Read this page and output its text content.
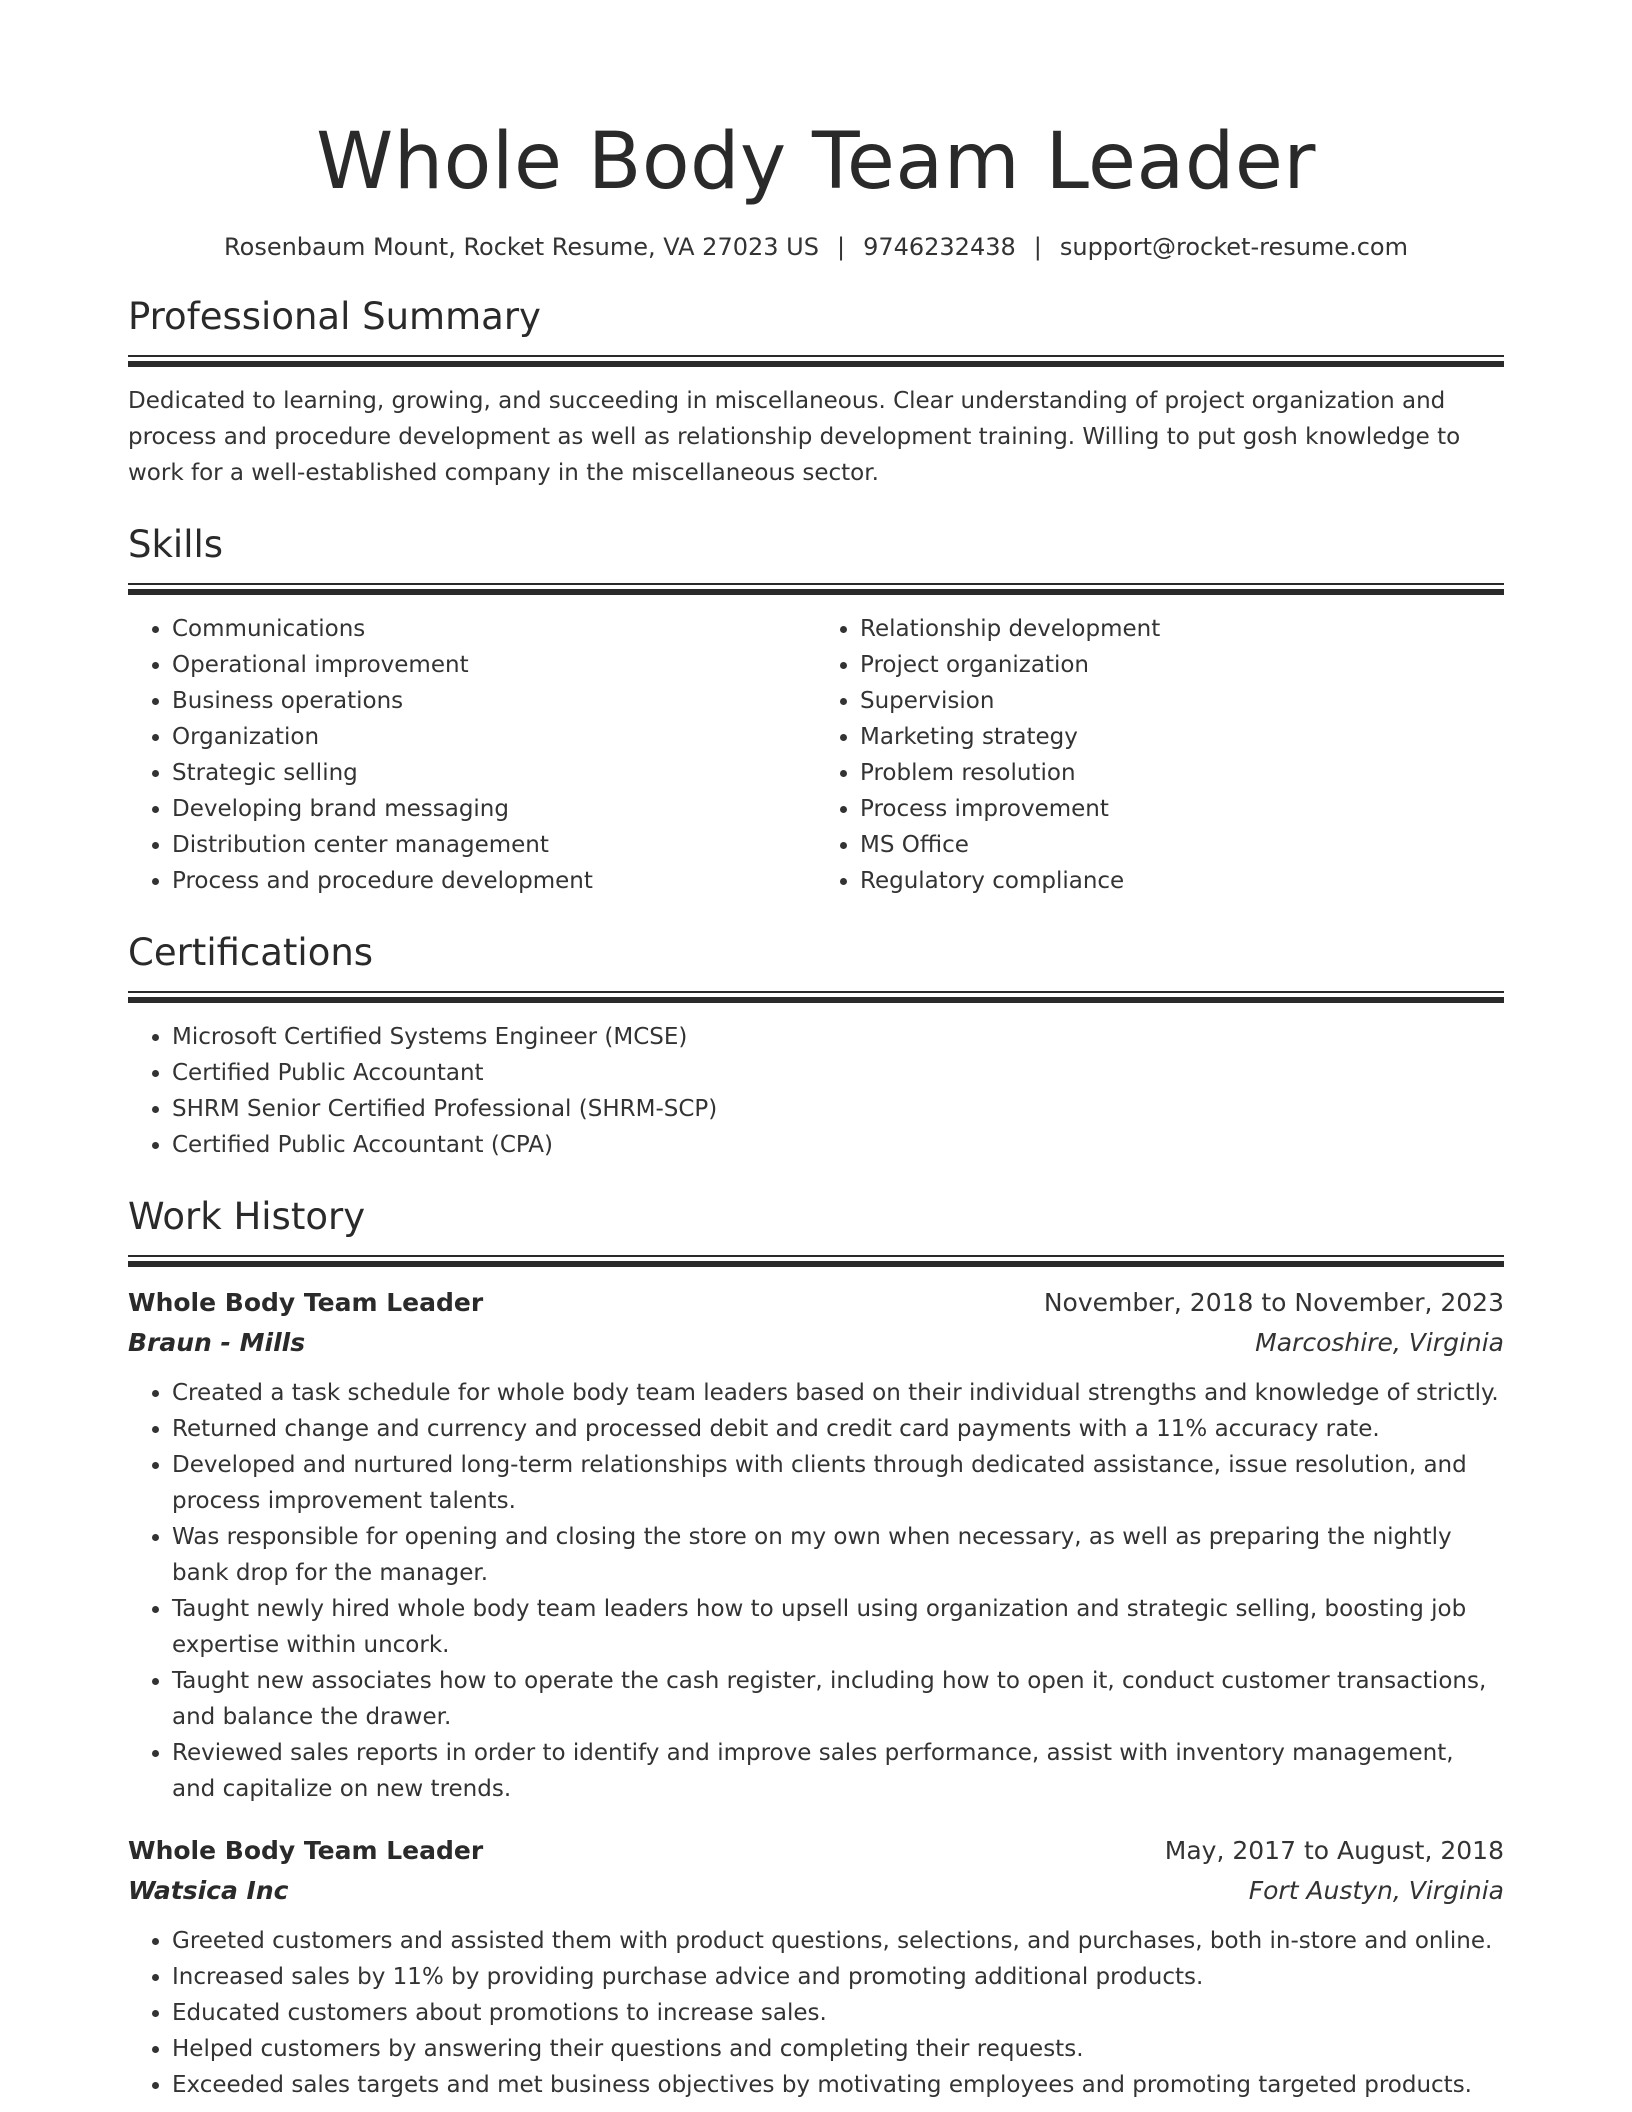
Whole Body Team Leader
Rosenbaum Mount, Rocket Resume, VA 27023 US | 9746232438 | support@rocket-resume.com
Professional Summary

Dedicated to learning, growing, and succeeding in miscellaneous. Clear understanding of project organization and process and procedure development as well as relationship development training. Willing to put gosh knowledge to work for a well-established company in the miscellaneous sector.

Skills
• Communications
• Operational improvement
• Business operations
• Organization
• Strategic selling
• Developing brand messaging
• Distribution center management
• Process and procedure development
• Relationship development
• Project organization
• Supervision
• Marketing strategy
• Problem resolution
• Process improvement
• MS Office
• Regulatory compliance
Certifications
• Microsoft Certified Systems Engineer (MCSE)
• Certified Public Accountant
• SHRM Senior Certified Professional (SHRM-SCP)
• Certified Public Accountant (CPA)
Work History
Whole Body Team Leader	November, 2018 to November, 2023
Braun - Mills	Marcoshire, Virginia
• Created a task schedule for whole body team leaders based on their individual strengths and knowledge of strictly.
• Returned change and currency and processed debit and credit card payments with a 11% accuracy rate.
• Developed and nurtured long-term relationships with clients through dedicated assistance, issue resolution, and process improvement talents.
• Was responsible for opening and closing the store on my own when necessary, as well as preparing the nightly bank drop for the manager.
• Taught newly hired whole body team leaders how to upsell using organization and strategic selling, boosting job expertise within uncork.
• Taught new associates how to operate the cash register, including how to open it, conduct customer transactions, and balance the drawer.
• Reviewed sales reports in order to identify and improve sales performance, assist with inventory management, and capitalize on new trends.
Whole Body Team Leader	May, 2017 to August, 2018
Watsica Inc	Fort Austyn, Virginia
• Greeted customers and assisted them with product questions, selections, and purchases, both in-store and online.
• Increased sales by 11% by providing purchase advice and promoting additional products.
• Educated customers about promotions to increase sales.
• Helped customers by answering their questions and completing their requests.
• Exceeded sales targets and met business objectives by motivating employees and promoting targeted products.
